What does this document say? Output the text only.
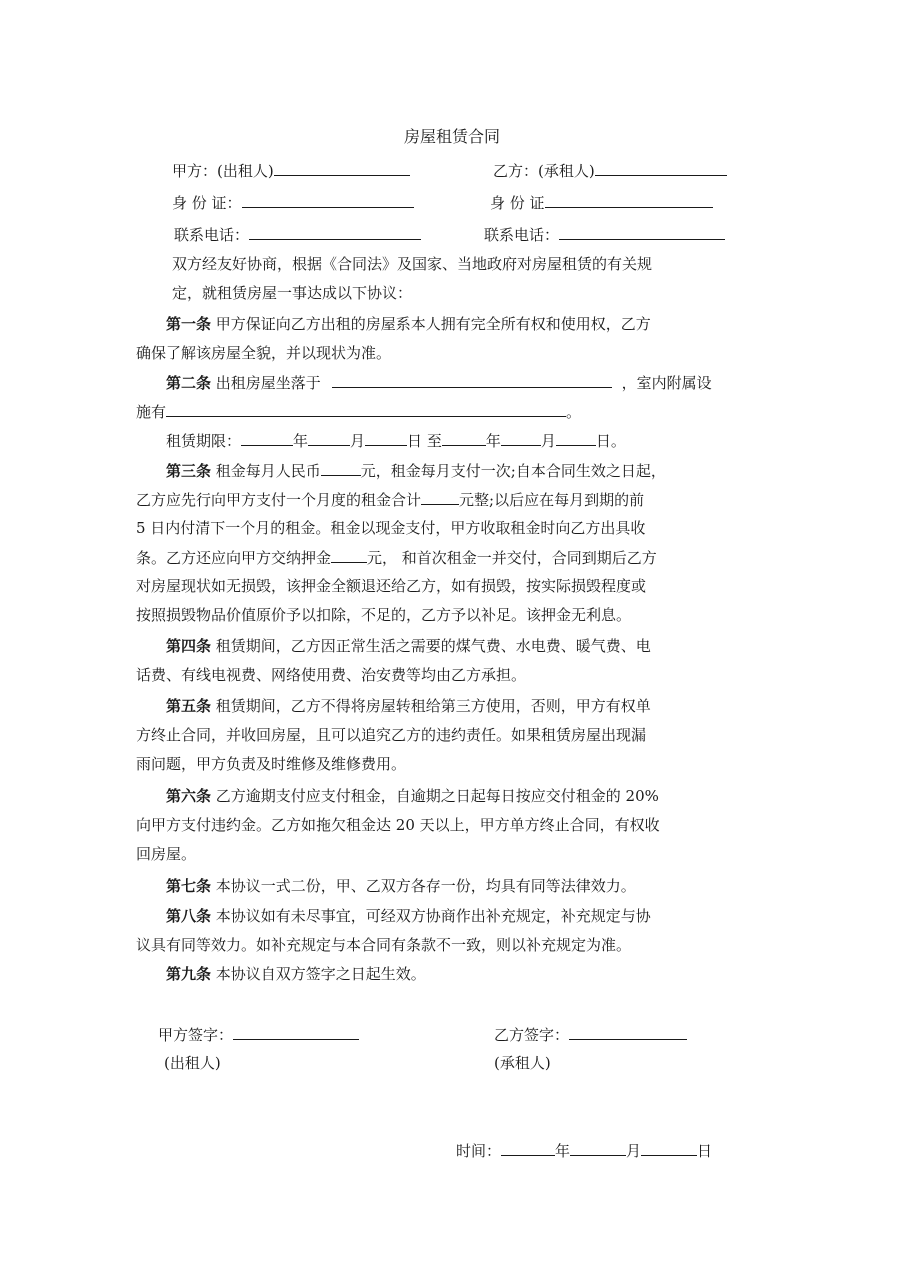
房屋租赁合同
甲方：(出租人)	乙方：(承租人)
身 份 证：	身 份 证
联系电话：	联系电话：
双方经友好协商，根据《合同法》及国家、当地政府对房屋租赁的有关规
定，就租赁房屋一事达成以下协议：
第一条 甲方保证向乙方出租的房屋系本人拥有完全所有权和使用权，乙方
确保了解该房屋全貌，并以现状为准。
第二条 出租房屋坐落于	，室内附属设
施有	。
租赁期限：	年	月	日 至	年	月	日。
第三条 租金每月人民币	元，租金每月支付一次;自本合同生效之日起，
乙方应先行向甲方支付一个月度的租金合计	元整;以后应在每月到期的前
5 日内付清下一个月的租金。租金以现金支付，甲方收取租金时向乙方出具收
条。乙方还应向甲方交纳押金 元， 和首次租金一并交付，合同到期后乙方
对房屋现状如无损毁，该押金全额退还给乙方，如有损毁，按实际损毁程度或
按照损毁物品价值原价予以扣除，不足的，乙方予以补足。该押金无利息。
第四条 租赁期间，乙方因正常生活之需要的煤气费、水电费、暖气费、电
话费、有线电视费、网络使用费、治安费等均由乙方承担。
第五条 租赁期间，乙方不得将房屋转租给第三方使用，否则，甲方有权单
方终止合同，并收回房屋，且可以追究乙方的违约责任。如果租赁房屋出现漏
雨问题，甲方负责及时维修及维修费用。
第六条 乙方逾期支付应支付租金，自逾期之日起每日按应交付租金的 20%
向甲方支付违约金。乙方如拖欠租金达 20 天以上，甲方单方终止合同，有权收
回房屋。
第七条 本协议一式二份，甲、乙双方各存一份，均具有同等法律效力。
第八条 本协议如有未尽事宜，可经双方协商作出补充规定，补充规定与协
议具有同等效力。如补充规定与本合同有条款不一致，则以补充规定为准。
第九条 本协议自双方签字之日起生效。
甲方签字：
(出租人)
乙方签字：
(承租人)
时间：	年	月	日
